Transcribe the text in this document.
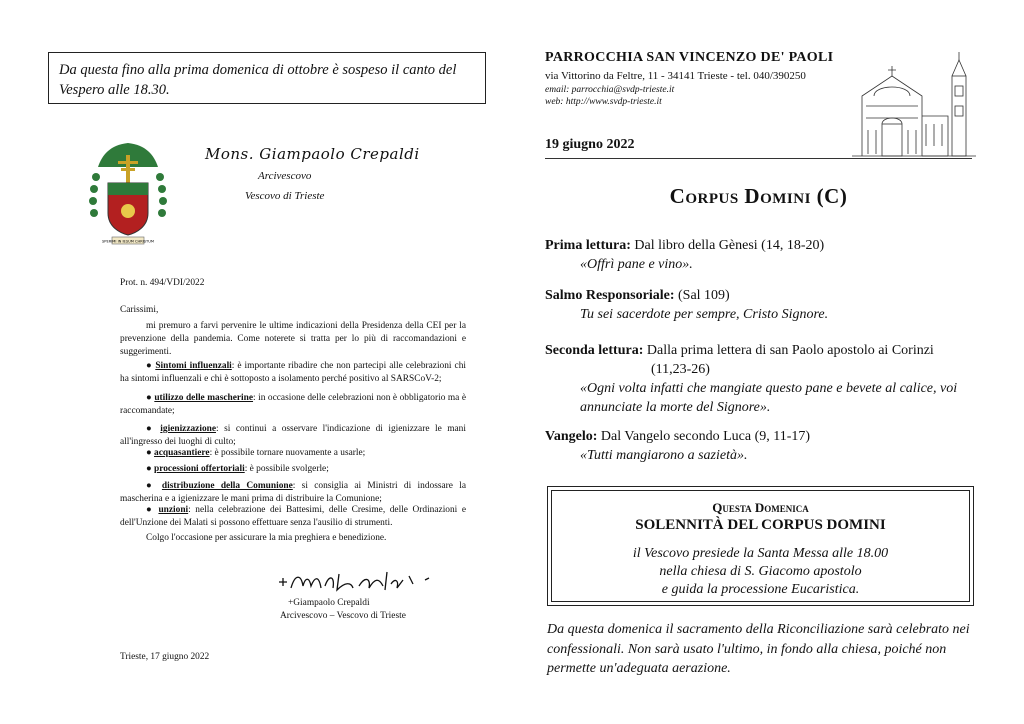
Da questa fino alla prima domenica di ottobre è sospeso il canto del Vespero alle 18.30.
SPERIMI IN IESUM CHRISTUM
Mons. Giampaolo Crepaldi
Arcivescovo
Vescovo di Trieste
Prot. n. 494/VDI/2022
Carissimi,

mi premuro a farvi pervenire le ultime indicazioni della Presidenza della CEI per la prevenzione della pandemia. Come noterete si tratta per lo più di raccomandazioni e suggerimenti.

● Sintomi influenzali: è importante ribadire che non partecipi alle celebrazioni chi ha sintomi influenzali e chi è sottoposto a isolamento perché positivo al SARSCoV-2;

● utilizzo delle mascherine: in occasione delle celebrazioni non è obbligatorio ma è raccomandate;

● igienizzazione: si continui a osservare l'indicazione di igienizzare le mani all'ingresso dei luoghi di culto;

● acquasantiere: è possibile tornare nuovamente a usarle;

● processioni offertoriali: è possibile svolgerle;

● distribuzione della Comunione: si consiglia ai Ministri di indossare la mascherina e a igienizzare le mani prima di distribuire la Comunione;

● unzioni: nella celebrazione dei Battesimi, delle Cresime, delle Ordinazioni e dell'Unzione dei Malati si possono effettuare senza l'ausilio di strumenti.

Colgo l'occasione per assicurare la mia preghiera e benedizione.

+Giampaolo Crepaldi
Arcivescovo – Vescovo di Trieste
Trieste, 17 giugno 2022
PARROCCHIA SAN VINCENZO DE' PAOLI
via Vittorino da Feltre, 11 - 34141 Trieste - tel. 040/390250
email: parrocchia@svdp-trieste.it
web: http://www.svdp-trieste.it
19 giugno 2022
Corpus Domini (C)
Prima lettura: Dal libro della Gènesi (14, 18-20)
«Offrì pane e vino».
Salmo Responsoriale: (Sal 109)
Tu sei sacerdote per sempre, Cristo Signore.
Seconda lettura: Dalla prima lettera di san Paolo apostolo ai Corinzi
(11,23-26)
«Ogni volta infatti che mangiate questo pane e bevete al calice, voi annunciate la morte del Signore».
Vangelo: Dal Vangelo secondo Luca (9, 11-17)
«Tutti mangiarono a sazietà».
Questa Domenica
SOLENNITÀ DEL CORPUS DOMINI
il Vescovo presiede la Santa Messa alle 18.00
nella chiesa di S. Giacomo apostolo
e guida la processione Eucaristica.
Da questa domenica il sacramento della Riconciliazione sarà celebrato nei confessionali. Non sarà usato l'ultimo, in fondo alla chiesa, poiché non permette un'adeguata aerazione.
